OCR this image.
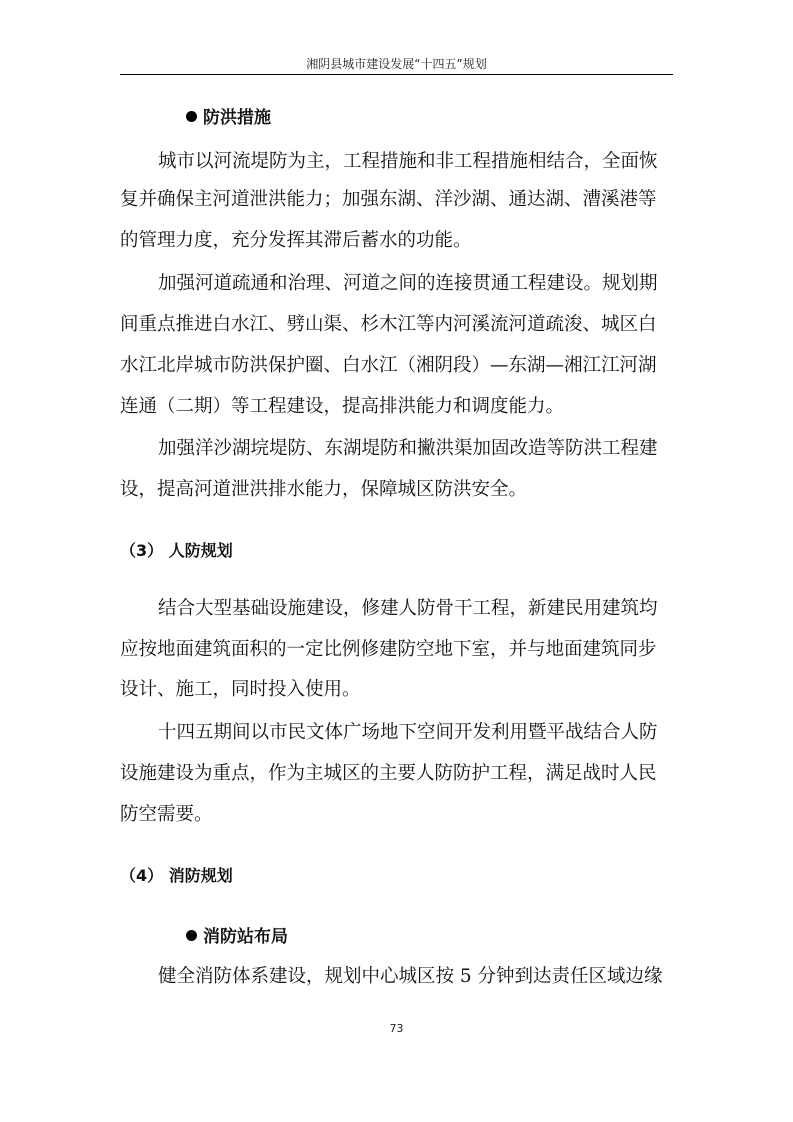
湘阴县城市建设发展“十四五”规划
防洪措施
城市以河流堤防为主，工程措施和非工程措施相结合，全面恢
复并确保主河道泄洪能力；加强东湖、洋沙湖、通达湖、漕溪港等
的管理力度，充分发挥其滞后蓄水的功能。
加强河道疏通和治理、河道之间的连接贯通工程建设。规划期
间重点推进白水江、劈山渠、杉木江等内河溪流河道疏浚、城区白
水江北岸城市防洪保护圈、白水江（湘阴段）—东湖—湘江江河湖
连通（二期）等工程建设，提高排洪能力和调度能力。
加强洋沙湖垸堤防、东湖堤防和撇洪渠加固改造等防洪工程建
设，提高河道泄洪排水能力，保障城区防洪安全。
（3） 人防规划
结合大型基础设施建设，修建人防骨干工程，新建民用建筑均
应按地面建筑面积的一定比例修建防空地下室，并与地面建筑同步
设计、施工，同时投入使用。
十四五期间以市民文体广场地下空间开发利用暨平战结合人防
设施建设为重点，作为主城区的主要人防防护工程，满足战时人民
防空需要。
（4） 消防规划
消防站布局
健全消防体系建设，规划中心城区按 5 分钟到达责任区域边缘
73
